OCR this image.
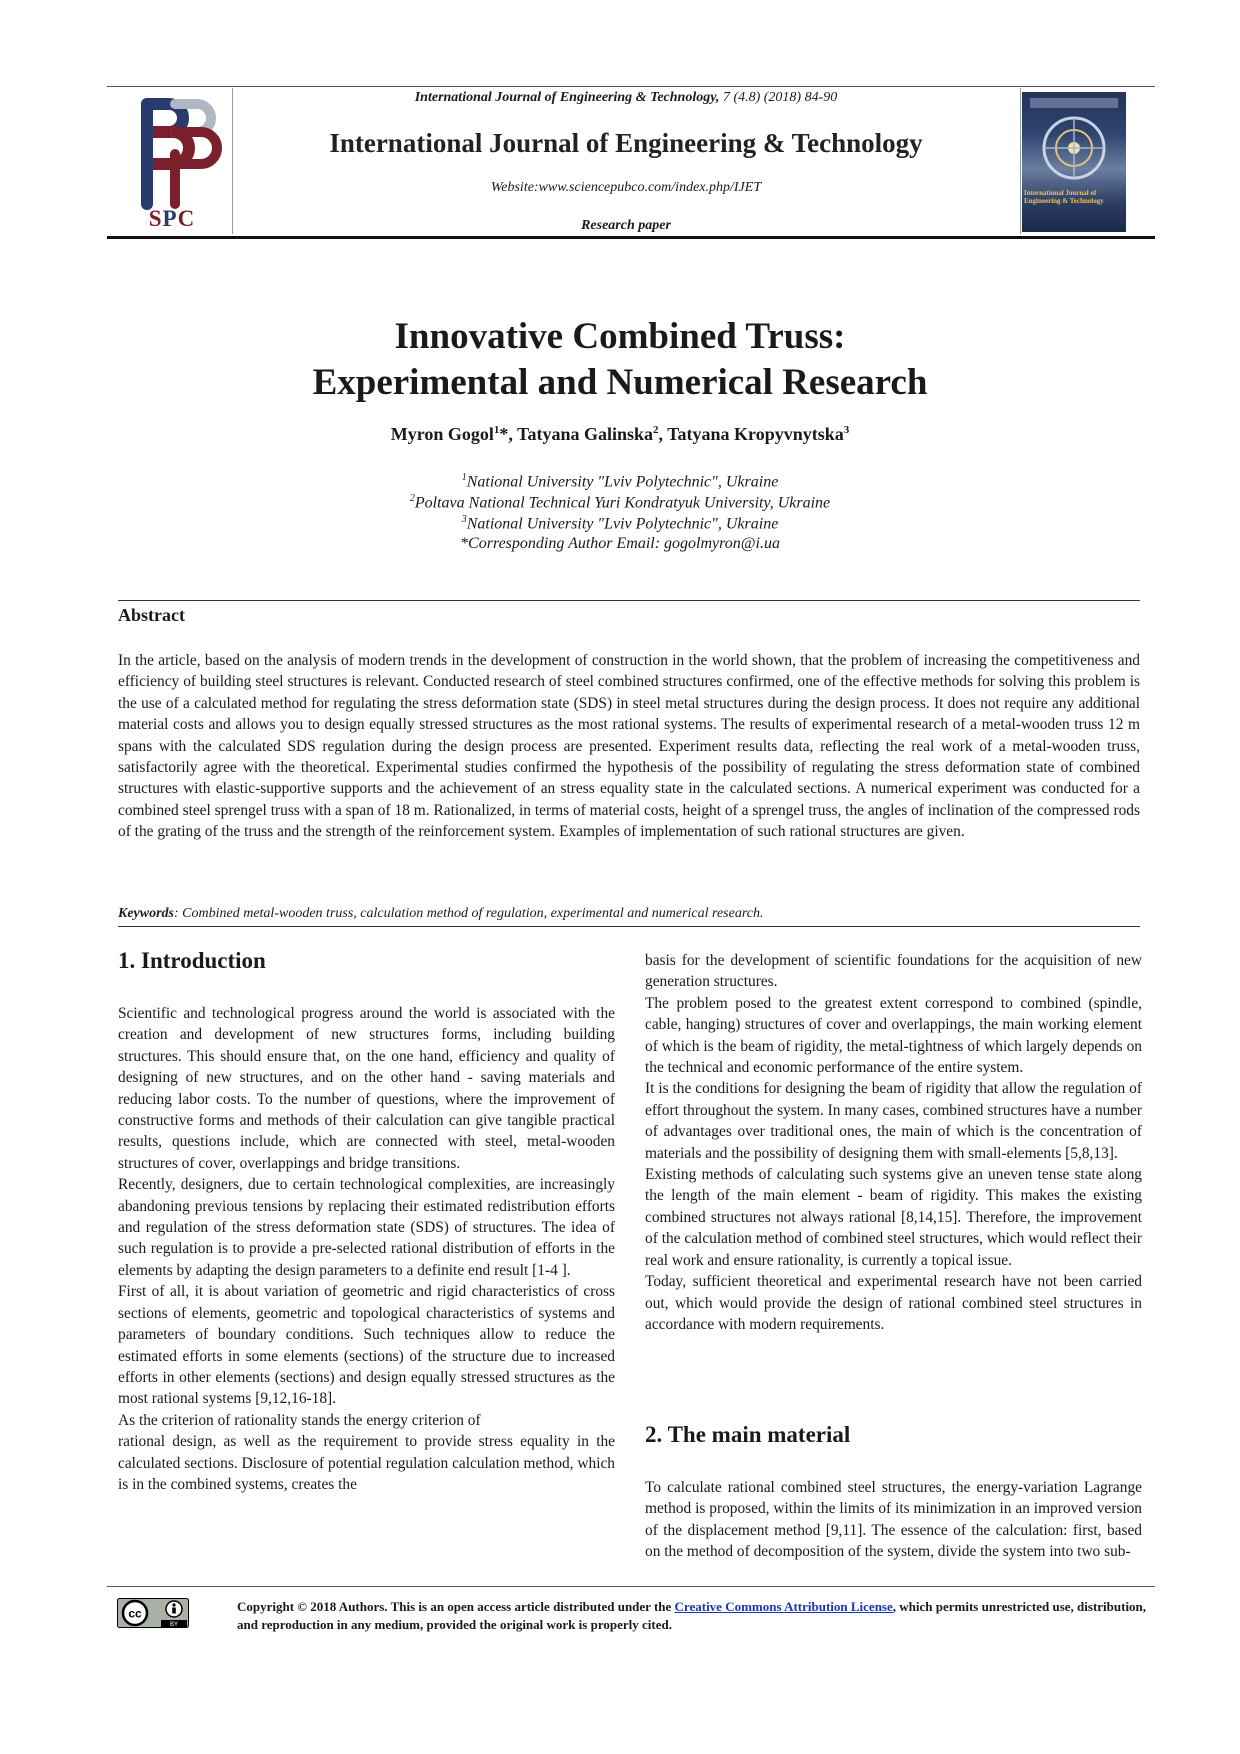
SPC
International Journal of Engineering & Technology, 7 (4.8) (2018) 84-90
International Journal of Engineering & Technology
Website:www.sciencepubco.com/index.php/IJET
Research paper
International Journal of Engineering & Technology
Innovative Combined Truss:
Experimental and Numerical Research
Myron Gogol$^1$*, Tatyana Galinska$^2$, Tatyana Kropyvnytska$^3$
$^1$National University "Lviv Polytechnic", Ukraine
$^2$Poltava National Technical Yuri Kondratyuk University, Ukraine
$^3$National University "Lviv Polytechnic", Ukraine
*Corresponding Author Email: gogolmyron@i.ua
Abstract
In the article, based on the analysis of modern trends in the development of construction in the world shown, that the problem of increasing the competitiveness and efficiency of building steel structures is relevant. Conducted research of steel combined structures confirmed, one of the effective methods for solving this problem is the use of a calculated method for regulating the stress deformation state (SDS) in steel metal structures during the design process. It does not require any additional material costs and allows you to design equally stressed structures as the most rational systems. The results of experimental research of a metal-wooden truss 12 m spans with the calculated SDS regulation during the design process are presented. Experiment results data, reflecting the real work of a metal-wooden truss, satisfactorily agree with the theoretical. Experimental studies confirmed the hypothesis of the possibility of regulating the stress deformation state of combined structures with elastic-supportive supports and the achievement of an stress equality state in the calculated sections. A numerical experiment was conducted for a combined steel sprengel truss with a span of 18 m. Rationalized, in terms of material costs, height of a sprengel truss, the angles of inclination of the compressed rods of the grating of the truss and the strength of the reinforcement system. Examples of implementation of such rational structures are given.
Keywords: Combined metal-wooden truss, calculation method of regulation, experimental and numerical research.
1. Introduction

Scientific and technological progress around the world is associated with the creation and development of new structures forms, including building structures. This should ensure that, on the one hand, efficiency and quality of designing of new structures, and on the other hand - saving materials and reducing labor costs. To the number of questions, where the improvement of constructive forms and methods of their calculation can give tangible practical results, questions include, which are connected with steel, metal-wooden structures of cover, overlappings and bridge transitions.

Recently, designers, due to certain technological complexities, are increasingly abandoning previous tensions by replacing their estimated redistribution efforts and regulation of the stress deformation state (SDS) of structures. The idea of such regulation is to provide a pre-selected rational distribution of efforts in the elements by adapting the design parameters to a definite end result [1-4 ].

First of all, it is about variation of geometric and rigid characteristics of cross sections of elements, geometric and topological characteristics of systems and parameters of boundary conditions. Such techniques allow to reduce the estimated efforts in some elements (sections) of the structure due to increased efforts in other elements (sections) and design equally stressed structures as the most rational systems [9,12,16-18].

As the criterion of rationality stands the energy criterion of

rational design, as well as the requirement to provide stress equality in the calculated sections. Disclosure of potential regulation calculation method, which is in the combined systems, creates the

basis for the development of scientific foundations for the acquisition of new generation structures.

The problem posed to the greatest extent correspond to combined (spindle, cable, hanging) structures of cover and overlappings, the main working element of which is the beam of rigidity, the metal-tightness of which largely depends on the technical and economic performance of the entire system.

It is the conditions for designing the beam of rigidity that allow the regulation of effort throughout the system. In many cases, combined structures have a number of advantages over traditional ones, the main of which is the concentration of materials and the possibility of designing them with small-elements [5,8,13].

Existing methods of calculating such systems give an uneven tense state along the length of the main element - beam of rigidity. This makes the existing combined structures not always rational [8,14,15]. Therefore, the improvement of the calculation method of combined steel structures, which would reflect their real work and ensure rationality, is currently a topical issue.

Today, sufficient theoretical and experimental research have not been carried out, which would provide the design of rational combined steel structures in accordance with modern requirements.

2. The main material

To calculate rational combined steel structures, the energy-variation Lagrange method is proposed, within the limits of its minimization in an improved version of the displacement method [9,11]. The essence of the calculation: first, based on the method of decomposition of the system, divide the system into two sub-

cc
BY
Copyright © 2018 Authors. This is an open access article distributed under the Creative Commons Attribution License, which permits unrestricted use, distribution, and reproduction in any medium, provided the original work is properly cited.
